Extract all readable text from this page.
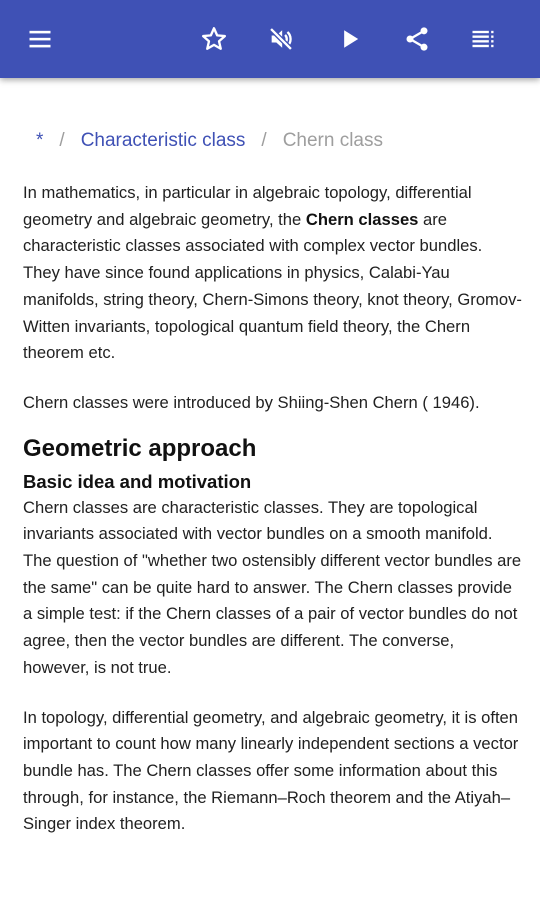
* / Characteristic class / Chern class

In mathematics, in particular in algebraic topology, differential geometry and algebraic geometry, the Chern classes are characteristic classes associated with complex vector bundles. They have since found applications in physics, Calabi-Yau manifolds, string theory, Chern-Simons theory, knot theory, Gromov-Witten invariants, topological quantum field theory, the Chern theorem etc.

Chern classes were introduced by Shiing-Shen Chern ( 1946).

Geometric approach
Basic idea and motivation

Chern classes are characteristic classes. They are topological invariants associated with vector bundles on a smooth manifold. The question of "whether two ostensibly different vector bundles are the same" can be quite hard to answer. The Chern classes provide a simple test: if the Chern classes of a pair of vector bundles do not agree, then the vector bundles are different. The converse, however, is not true.

In topology, differential geometry, and algebraic geometry, it is often important to count how many linearly independent sections a vector bundle has. The Chern classes offer some information about this through, for instance, the Riemann–Roch theorem and the Atiyah–Singer index theorem.
